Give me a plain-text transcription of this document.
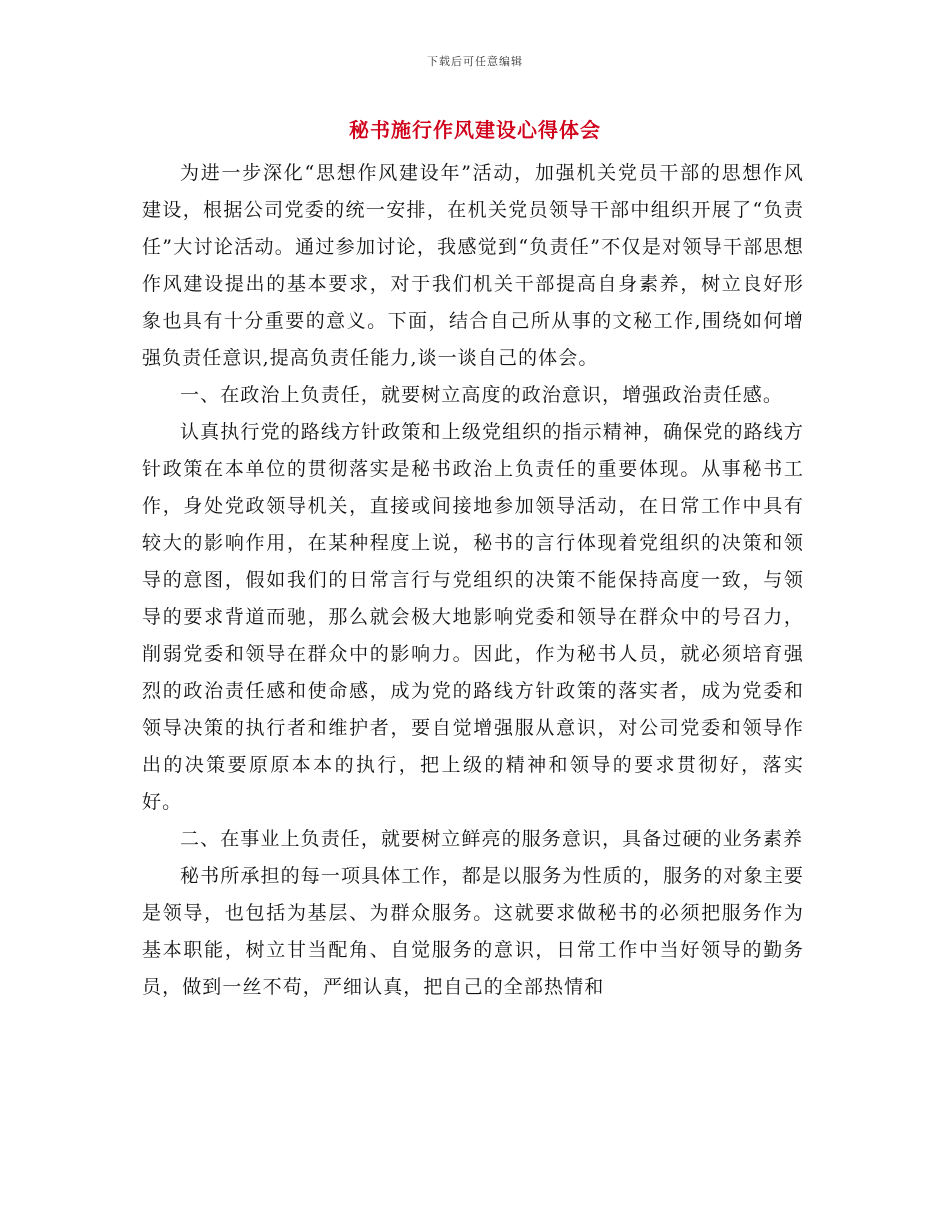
下载后可任意编辑
秘书施行作风建设心得体会

为进一步深化“思想作风建设年”活动，加强机关党员干部的思想作风建设，根据公司党委的统一安排，在机关党员领导干部中组织开展了“负责任”大讨论活动。通过参加讨论，我感觉到“负责任”不仅是对领导干部思想作风建设提出的基本要求，对于我们机关干部提高自身素养，树立良好形象也具有十分重要的意义。下面，结合自己所从事的文秘工作,围绕如何增强负责任意识,提高负责任能力,谈一谈自己的体会。

一、在政治上负责任，就要树立高度的政治意识，增强政治责任感。

认真执行党的路线方针政策和上级党组织的指示精神，确保党的路线方针政策在本单位的贯彻落实是秘书政治上负责任的重要体现。从事秘书工作，身处党政领导机关，直接或间接地参加领导活动，在日常工作中具有较大的影响作用，在某种程度上说，秘书的言行体现着党组织的决策和领导的意图，假如我们的日常言行与党组织的决策不能保持高度一致，与领导的要求背道而驰，那么就会极大地影响党委和领导在群众中的号召力，削弱党委和领导在群众中的影响力。因此，作为秘书人员，就必须培育强烈的政治责任感和使命感，成为党的路线方针政策的落实者，成为党委和领导决策的执行者和维护者，要自觉增强服从意识，对公司党委和领导作出的决策要原原本本的执行，把上级的精神和领导的要求贯彻好，落实好。

二、在事业上负责任，就要树立鲜亮的服务意识，具备过硬的业务素养

秘书所承担的每一项具体工作，都是以服务为性质的，服务的对象主要是领导，也包括为基层、为群众服务。这就要求做秘书的必须把服务作为基本职能，树立甘当配角、自觉服务的意识，日常工作中当好领导的勤务员，做到一丝不苟，严细认真，把自己的全部热情和
